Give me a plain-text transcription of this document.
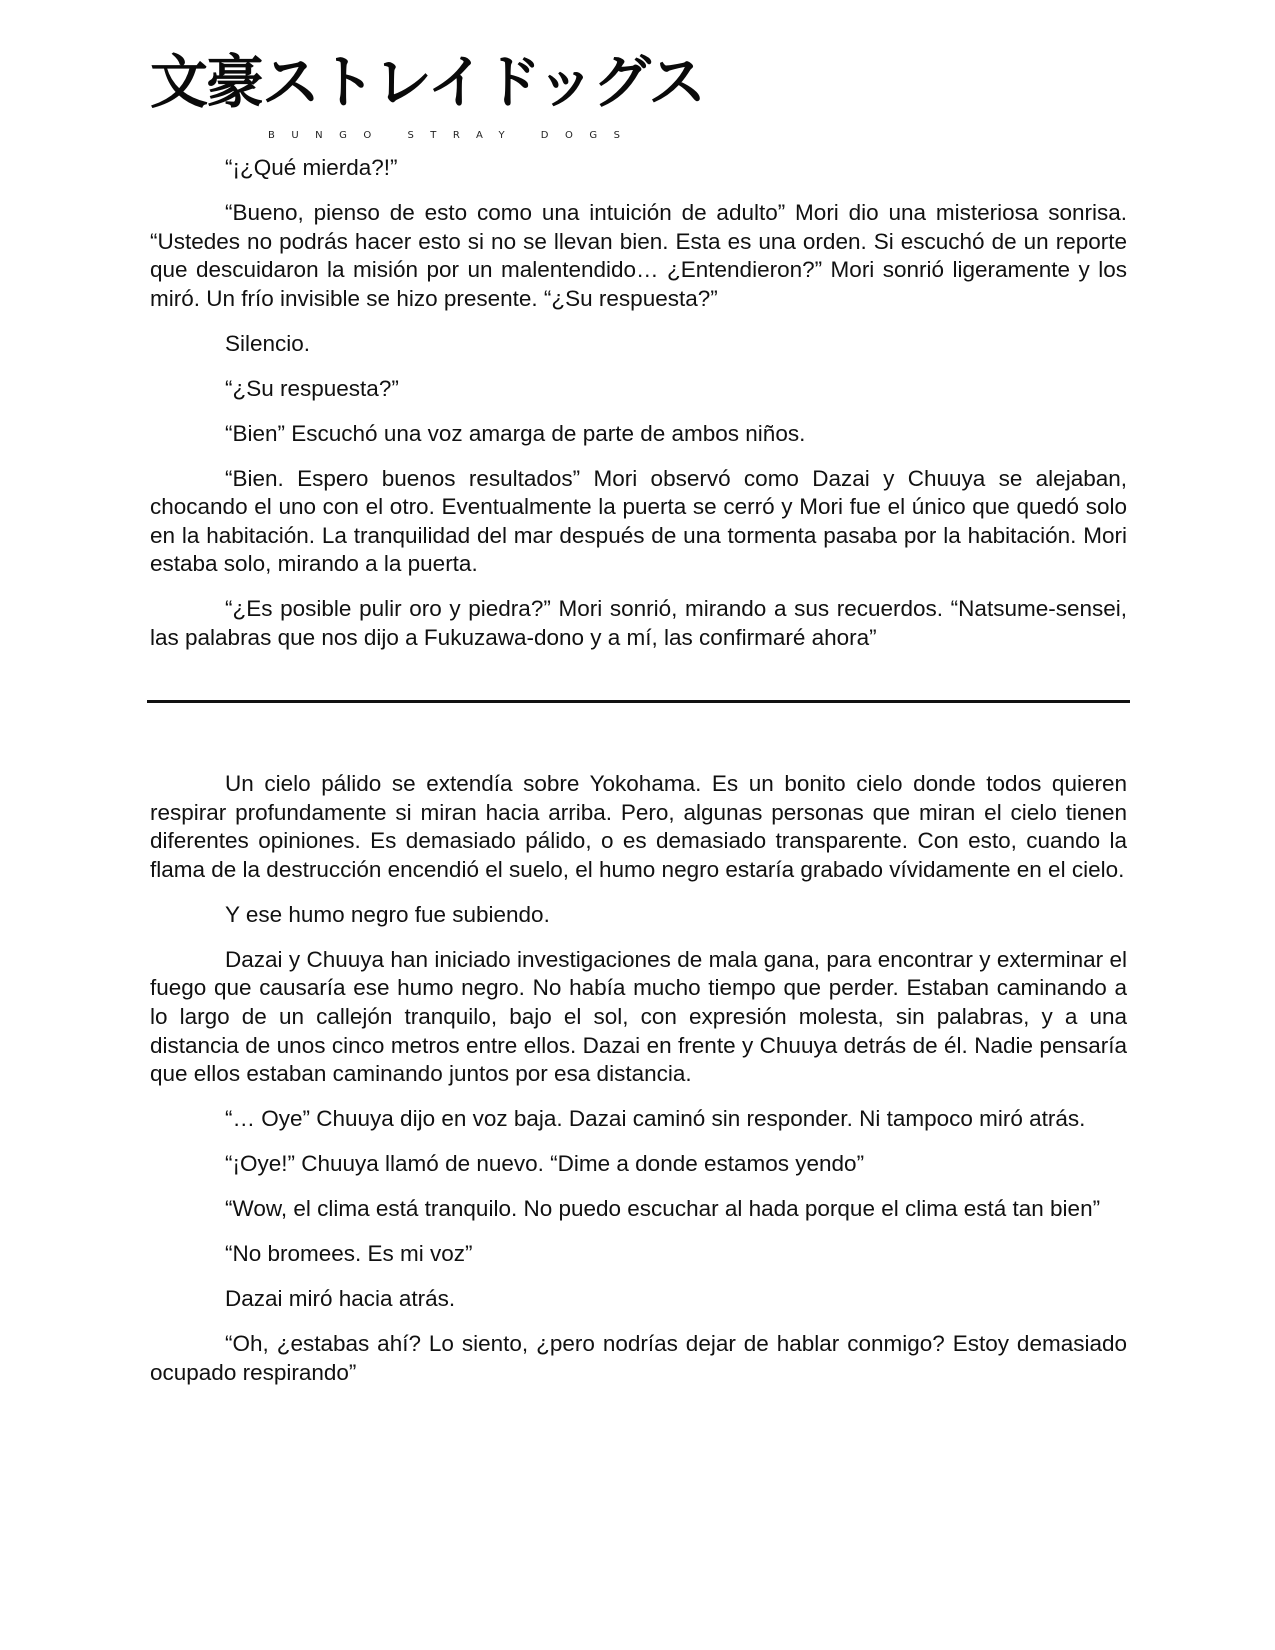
文豪ストレイドッグス
BUNGO STRAY DOGS

“¡¿Qué mierda?!”

“Bueno, pienso de esto como una intuición de adulto” Mori dio una misteriosa sonrisa. “Ustedes no podrás hacer esto si no se llevan bien. Esta es una orden. Si escuchó de un reporte que descuidaron la misión por un malentendido… ¿Entendieron?” Mori sonrió ligeramente y los miró. Un frío invisible se hizo presente. “¿Su respuesta?”

Silencio.

“¿Su respuesta?”

“Bien” Escuchó una voz amarga de parte de ambos niños.

“Bien. Espero buenos resultados” Mori observó como Dazai y Chuuya se alejaban, chocando el uno con el otro. Eventualmente la puerta se cerró y Mori fue el único que quedó solo en la habitación. La tranquilidad del mar después de una tormenta pasaba por la habitación. Mori estaba solo, mirando a la puerta.

“¿Es posible pulir oro y piedra?” Mori sonrió, mirando a sus recuerdos. “Natsume-sensei, las palabras que nos dijo a Fukuzawa-dono y a mí, las confirmaré ahora”

Un cielo pálido se extendía sobre Yokohama. Es un bonito cielo donde todos quieren respirar profundamente si miran hacia arriba. Pero, algunas personas que miran el cielo tienen diferentes opiniones. Es demasiado pálido, o es demasiado transparente. Con esto, cuando la flama de la destrucción encendió el suelo, el humo negro estaría grabado vívidamente en el cielo.

Y ese humo negro fue subiendo.

Dazai y Chuuya han iniciado investigaciones de mala gana, para encontrar y exterminar el fuego que causaría ese humo negro. No había mucho tiempo que perder. Estaban caminando a lo largo de un callejón tranquilo, bajo el sol, con expresión molesta, sin palabras, y a una distancia de unos cinco metros entre ellos. Dazai en frente y Chuuya detrás de él. Nadie pensaría que ellos estaban caminando juntos por esa distancia.

“… Oye” Chuuya dijo en voz baja. Dazai caminó sin responder. Ni tampoco miró atrás.

“¡Oye!” Chuuya llamó de nuevo. “Dime a donde estamos yendo”

“Wow, el clima está tranquilo. No puedo escuchar al hada porque el clima está tan bien”

“No bromees. Es mi voz”

Dazai miró hacia atrás.

“Oh, ¿estabas ahí? Lo siento, ¿pero nodrías dejar de hablar conmigo? Estoy demasiado ocupado respirando”
